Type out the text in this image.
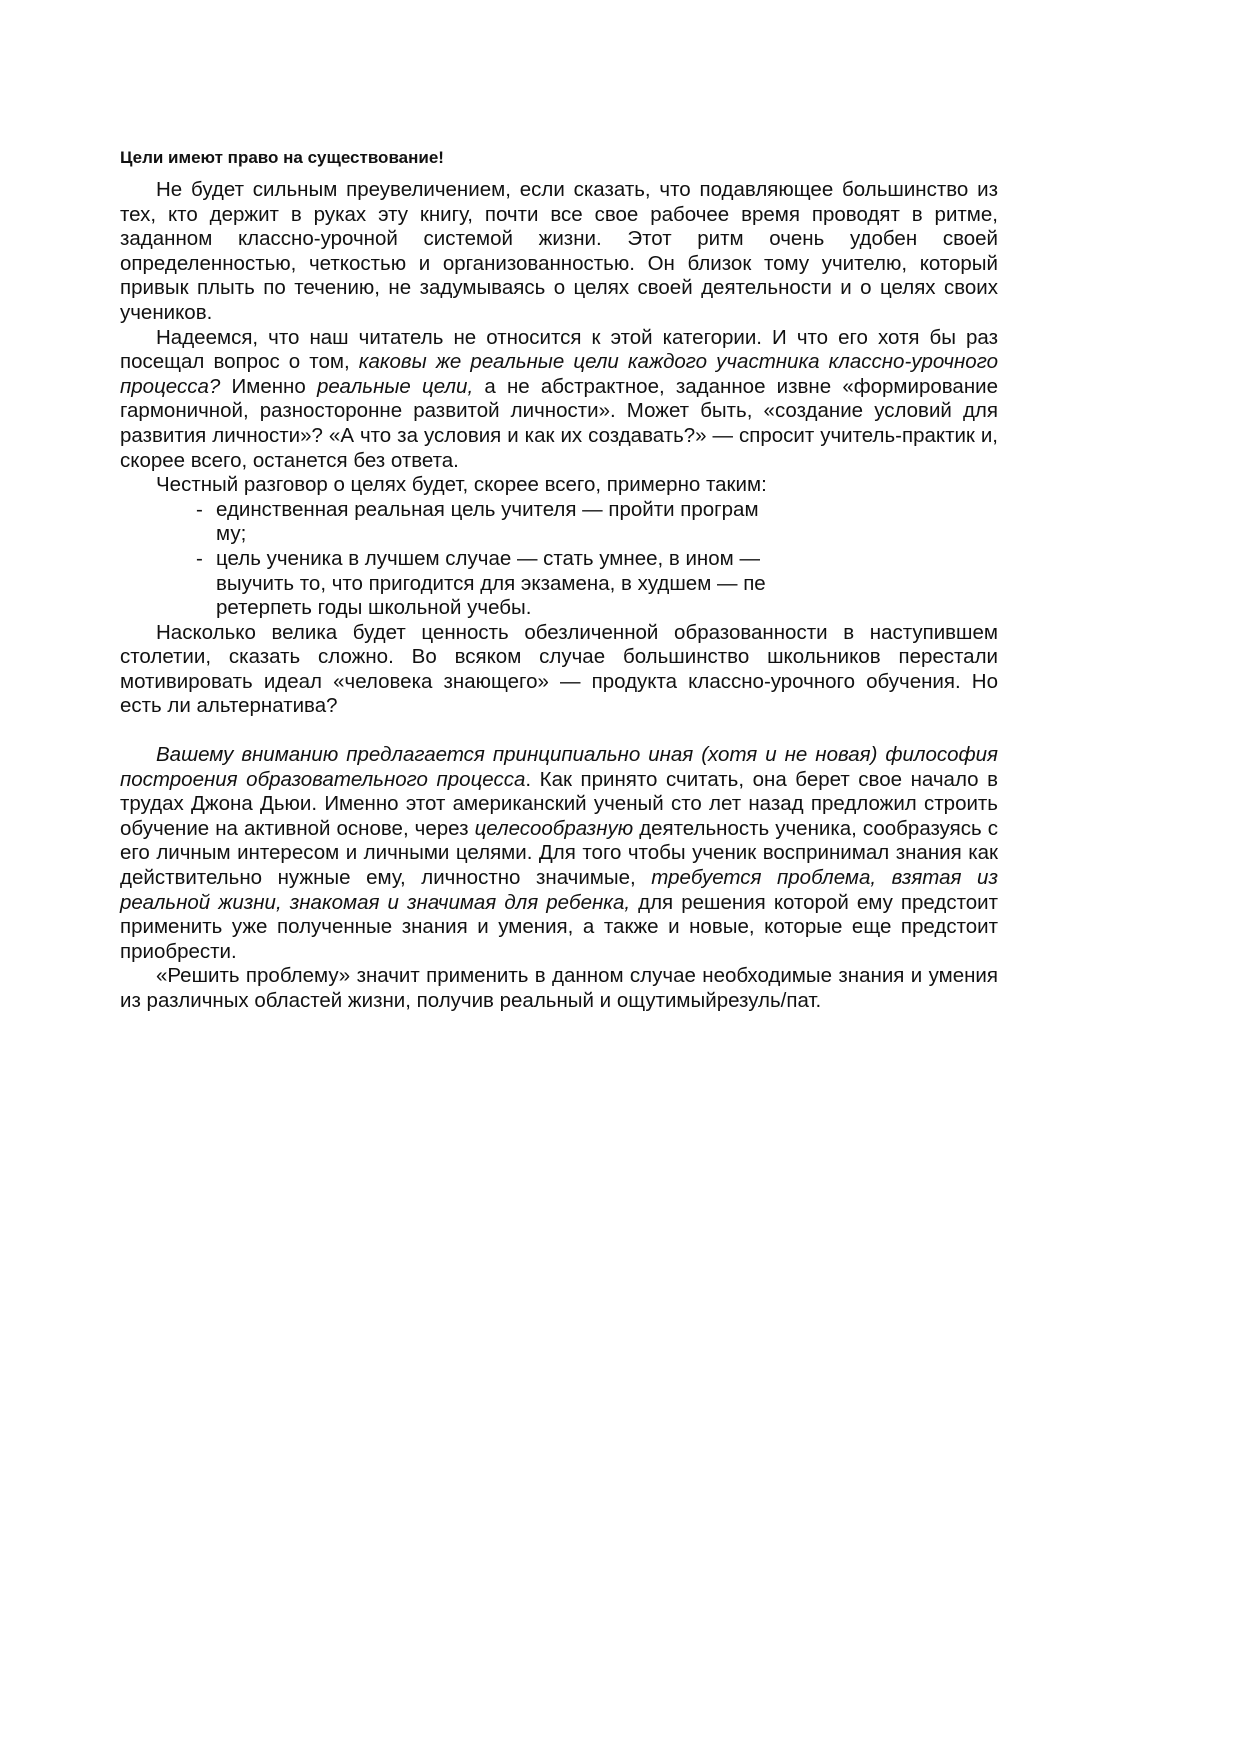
Цели имеют право на существование!

Не будет сильным преувеличением, если сказать, что подавляющее большинство из тех, кто держит в руках эту книгу, почти все свое рабочее время проводят в ритме, заданном классно-урочной системой жизни. Этот ритм очень удобен своей определенностью, четкостью и организованностью. Он близок тому учителю, который привык плыть по течению, не задумываясь о целях своей деятельности и о целях своих учеников.

Надеемся, что наш читатель не относится к этой категории. И что его хотя бы раз посещал вопрос о том, каковы же реальные цели каждого участника классно-урочного процесса? Именно реальные цели, а не абстрактное, заданное извне «формирование гармоничной, разносторонне развитой личности». Может быть, «создание условий для развития личности»? «А что за условия и как их создавать?» — спросит учитель-практик и, скорее всего, останется без ответа.

Честный разговор о целях будет, скорее всего, примерно таким:

- единственная реальная цель учителя — пройти програм
му;
- цель ученика в лучшем случае — стать умнее, в ином —
выучить то, что пригодится для экзамена, в худшем — пе
ретерпеть годы школьной учебы.

Насколько велика будет ценность обезличенной образованности в наступившем столетии, сказать сложно. Во всяком случае большинство школьников перестали мотивировать идеал «человека знающего» — продукта классно-урочного обучения. Но есть ли альтернатива?

Вашему вниманию предлагается принципиально иная (хотя и не новая) философия построения образовательного процесса. Как принято считать, она берет свое начало в трудах Джона Дьюи. Именно этот американский ученый сто лет назад предложил строить обучение на активной основе, через целесообразную деятельность ученика, сообразуясь с его личным интересом и личными целями. Для того чтобы ученик воспринимал знания как действительно нужные ему, личностно значимые, требуется проблема, взятая из реальной жизни, знакомая и значимая для ребенка, для решения которой ему предстоит применить уже полученные знания и умения, а также и новые, которые еще предстоит приобрести.

«Решить проблему» значит применить в данном случае необходимые знания и умения из различных областей жизни, получив реальный и ощутимыйрезуль/пат.
